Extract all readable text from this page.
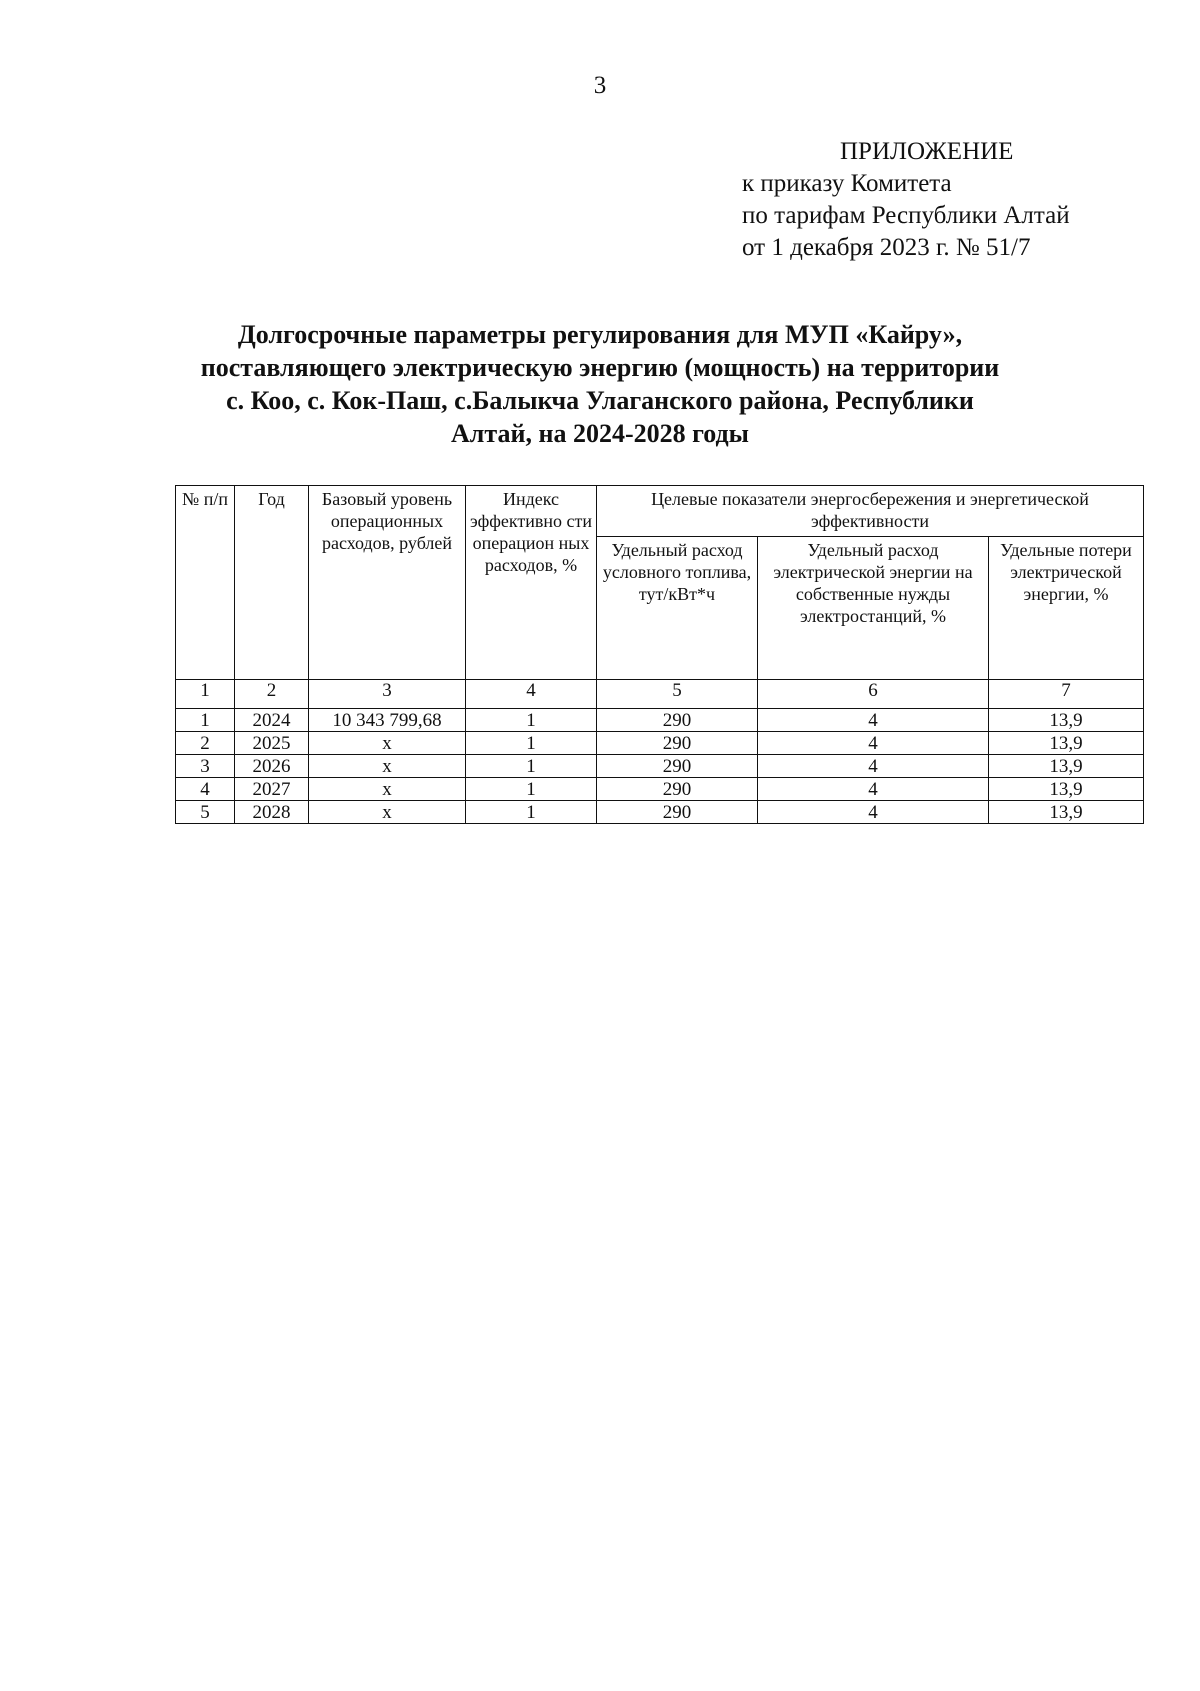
3
ПРИЛОЖЕНИЕ
к приказу Комитета
по тарифам Республики Алтай
от 1 декабря 2023 г. № 51/7
Долгосрочные параметры регулирования для МУП «Кайру»,
поставляющего электрическую энергию (мощность) на территории
с. Коо, с. Кок-Паш, с.Балыкча Улаганского района, Республики
Алтай, на 2024-2028 годы
№ п/п	Год	Базовый уровень операционных расходов, рублей	Индекс эффективно сти операцион ных расходов, %	Целевые показатели энергосбережения и энергетической эффективности		
				Удельный расход условного топлива, тут/кВт*ч	Удельный расход электрической энергии на собственные нужды электростанций, %	Удельные потери электрической энергии, %
1	2	3	4	5	6	7
1	2024	10 343 799,68	1	290	4	13,9
2	2025	х	1	290	4	13,9
3	2026	х	1	290	4	13,9
4	2027	х	1	290	4	13,9
5	2028	х	1	290	4	13,9
